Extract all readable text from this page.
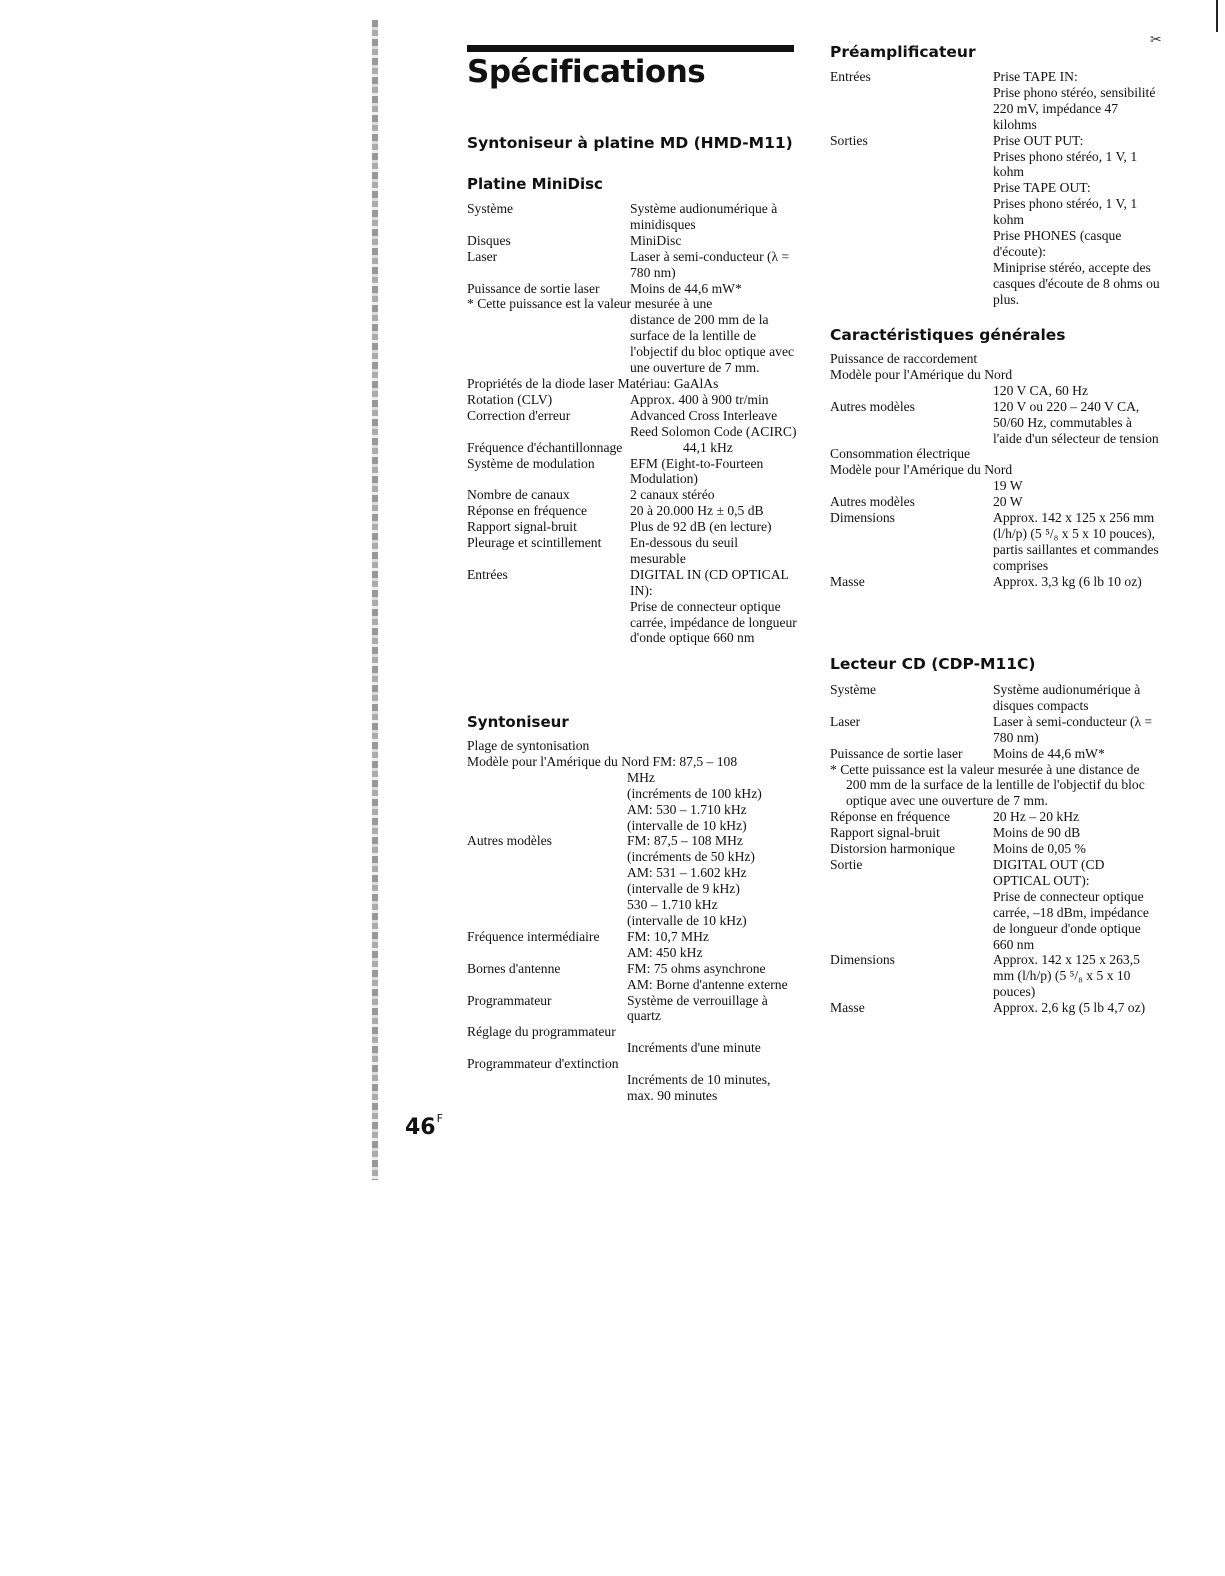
✂
Spécifications
Syntoniseur à platine MD (HMD-M11)
Platine MiniDisc
Système	Système audionumérique à minidisques
Disques	MiniDisc
Laser	Laser à semi-conducteur (λ = 780 nm)
Puissance de sortie laser	Moins de 44,6 mW*
* Cette puissance est la valeur mesurée à une
distance de 200 mm de la surface de la lentille de l'objectif du bloc optique avec une ouverture de 7 mm.
Propriétés de la diode laser Matériau: GaAlAs
Rotation (CLV)	Approx. 400 à 900 tr/min
Correction d'erreur	Advanced Cross Interleave Reed Solomon Code (ACIRC)
Fréquence d'échantillonnage	44,1 kHz
Système de modulation	EFM (Eight-to-Fourteen Modulation)
Nombre de canaux	2 canaux stéréo
Réponse en fréquence	20 à 20.000 Hz ± 0,5 dB
Rapport signal-bruit	Plus de 92 dB (en lecture)
Pleurage et scintillement	En-dessous du seuil mesurable
Entrées	DIGITAL IN (CD OPTICAL IN):
Prise de connecteur optique carrée, impédance de longueur d'onde optique 660 nm
Syntoniseur
Plage de syntonisation
Modèle pour l'Amérique du Nord FM: 87,5 – 108
MHz
(incréments de 100 kHz)
AM: 530 – 1.710 kHz
(intervalle de 10 kHz)
Autres modèles	FM: 87,5 – 108 MHz
(incréments de 50 kHz)
AM: 531 – 1.602 kHz
(intervalle de 9 kHz)
530 – 1.710 kHz
(intervalle de 10 kHz)
Fréquence intermédiaire	FM: 10,7 MHz
AM: 450 kHz
Bornes d'antenne	FM: 75 ohms asynchrone
AM: Borne d'antenne externe
Programmateur	Système de verrouillage à quartz
Réglage du programmateur
Incréments d'une minute
Programmateur d'extinction
Incréments de 10 minutes, max. 90 minutes
$46^F$
Préamplificateur
Entrées	Prise TAPE IN:
Prise phono stéréo, sensibilité 220 mV, impédance 47 kilohms
Sorties	Prise OUT PUT:
Prises phono stéréo, 1 V, 1 kohm
Prise TAPE OUT:
Prises phono stéréo, 1 V, 1 kohm
Prise PHONES (casque d'écoute):
Miniprise stéréo, accepte des casques d'écoute de 8 ohms ou plus.
Caractéristiques générales
Puissance de raccordement
Modèle pour l'Amérique du Nord
120 V CA, 60 Hz
Autres modèles	120 V ou 220 – 240 V CA, 50/60 Hz, commutables à l'aide d'un sélecteur de tension
Consommation électrique
Modèle pour l'Amérique du Nord
19 W
Autres modèles	20 W
Dimensions	Approx. 142 x 125 x 256 mm (l/h/p) (5 ⁵/₈ x 5 x 10 pouces), partis saillantes et commandes comprises
Masse	Approx. 3,3 kg (6 lb 10 oz)
Lecteur CD (CDP-M11C)
Système	Système audionumérique à disques compacts
Laser	Laser à semi-conducteur (λ = 780 nm)
Puissance de sortie laser	Moins de 44,6 mW*
* Cette puissance est la valeur mesurée à une distance de 200 mm de la surface de la lentille de l'objectif du bloc optique avec une ouverture de 7 mm.
Réponse en fréquence	20 Hz – 20 kHz
Rapport signal-bruit	Moins de 90 dB
Distorsion harmonique	Moins de 0,05 %
Sortie	DIGITAL OUT (CD OPTICAL OUT):
Prise de connecteur optique carrée, –18 dBm, impédance de longueur d'onde optique 660 nm
Dimensions	Approx. 142 x 125 x 263,5 mm (l/h/p) (5 ⁵/₈ x 5 x 10 pouces)
Masse	Approx. 2,6 kg (5 lb 4,7 oz)
